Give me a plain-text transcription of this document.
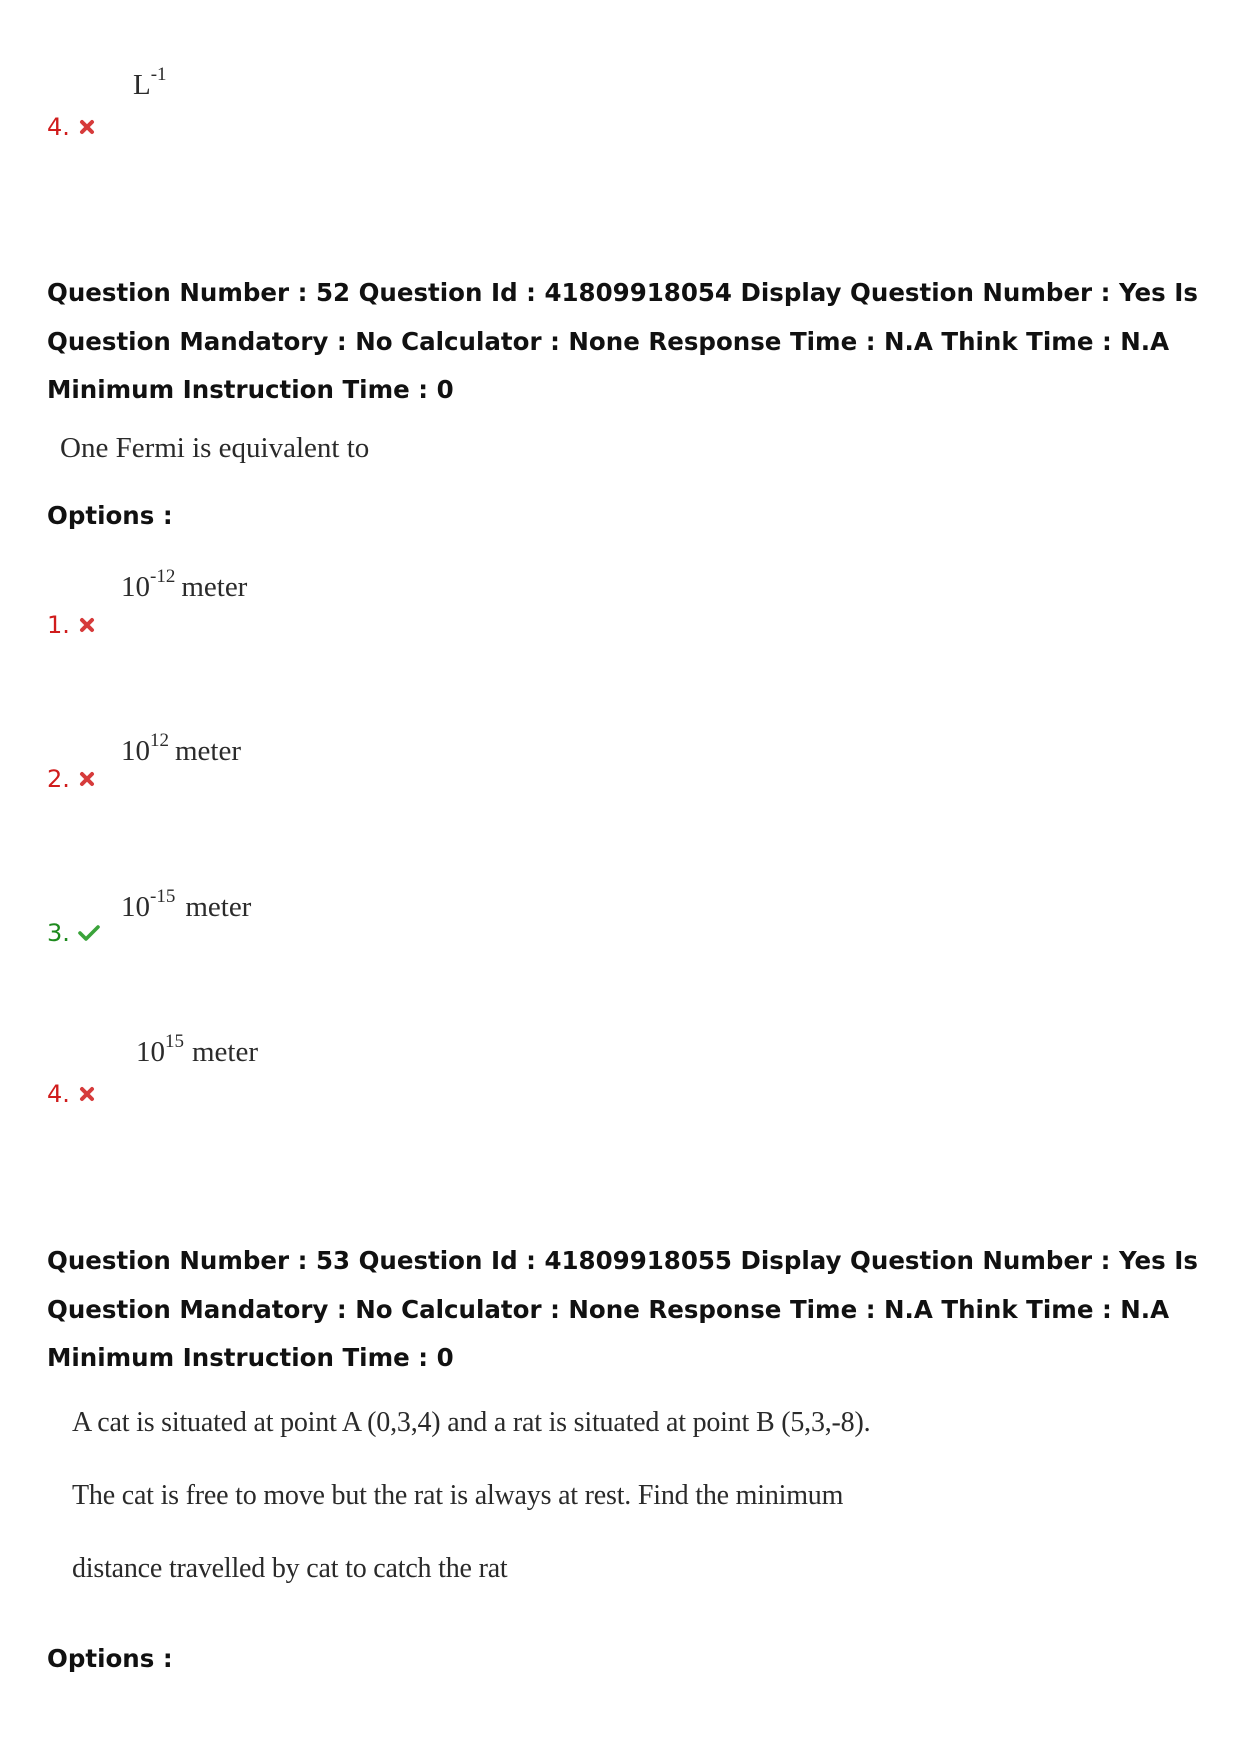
$L^{-1}$
4.
Question Number : 52 Question Id : 41809918054 Display Question Number : Yes Is Question Mandatory : No Calculator : None Response Time : N.A Think Time : N.A Minimum Instruction Time : 0
One Fermi is equivalent to
Options :
$10^{-12}$ meter
1.
$10^{12}$ meter
2.
$10^{-15}$ meter
3.
$10^{15}$ meter
4.
Question Number : 53 Question Id : 41809918055 Display Question Number : Yes Is Question Mandatory : No Calculator : None Response Time : N.A Think Time : N.A Minimum Instruction Time : 0
A cat is situated at point A (0,3,4) and a rat is situated at point B (5,3,-8).
The cat is free to move but the rat is always at rest. Find the minimum
distance travelled by cat to catch the rat
Options :
